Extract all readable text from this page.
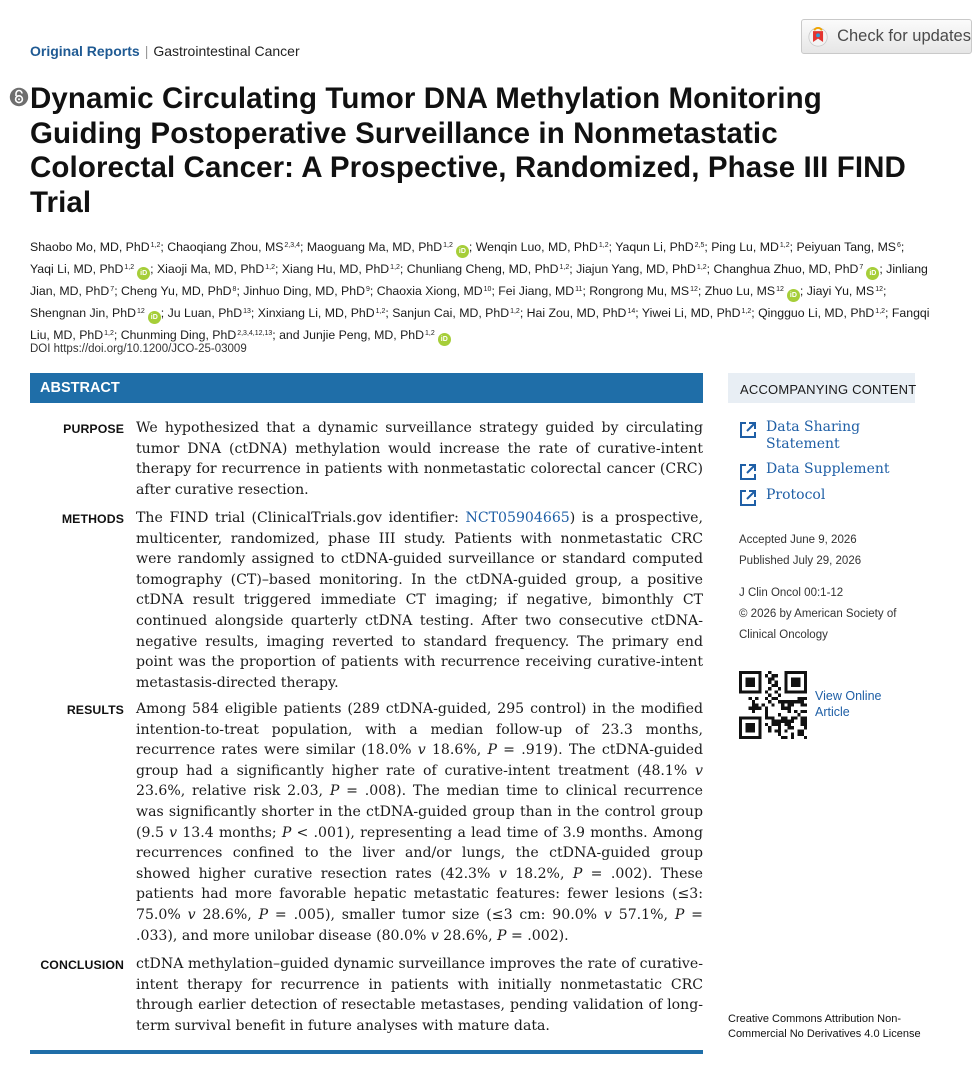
Original Reports | Gastrointestinal Cancer
Check for updates
Dynamic Circulating Tumor DNA Methylation Monitoring Guiding Postoperative Surveillance in Nonmetastatic Colorectal Cancer: A Prospective, Randomized, Phase III FIND Trial
Shaobo Mo, MD, PhD$^{1,2}$; Chaoqiang Zhou, MS$^{2,3,4}$; Maoguang Ma, MD, PhD$^{1,2}$iD ; Wenqin Luo, MD, PhD$^{1,2}$; Yaqun Li, PhD$^{2,5}$; Ping Lu, MD$^{1,2}$; Peiyuan Tang, $MS^6$; Yaqi Li, MD, PhD$^{1,2}$iD ; Xiaoji Ma, MD, PhD$^{1,2}$; Xiang Hu, MD, PhD$^{1,2}$; Chunliang Cheng, MD, PhD$^{1,2}$; Jiajun Yang, MD, PhD$^{1,2}$; Changhua Zhuo, MD, PhD$^7$iD ; Jinliang Jian, MD, PhD$^7$; Cheng Yu, MD, PhD$^8$; Jinhuo Ding, MD, PhD$^9$; Chaoxia Xiong, MD$^{10}$; Fei Jiang, MD$^{11}$; Rongrong Mu, MS$^{12}$; Zhuo Lu, MS$^{12}$iD ; Jiayi Yu, MS$^{12}$; Shengnan Jin, PhD$^{12}$iD ; Ju Luan, PhD$^{13}$; Xinxiang Li, MD, PhD$^{1,2}$; Sanjun Cai, MD, PhD$^{1,2}$; Hai Zou, MD, PhD$^{14}$; Yiwei Li, MD, PhD$^{1,2}$; Qingguo Li, MD, PhD$^{1,2}$; Fangqi Liu, MD, PhD$^{1,2}$; Chunming Ding, PhD$^{2,3,4,12,13}$; and Junjie Peng, MD, PhD$^{1,2}$iD
DOI https://doi.org/10.1200/JCO-25-03009
ABSTRACT
PURPOSE We hypothesized that a dynamic surveillance strategy guided by circulating tumor DNA (ctDNA) methylation would increase the rate of curative-intent therapy for recurrence in patients with nonmetastatic colorectal cancer (CRC) after curative resection.
METHODS The FIND trial (ClinicalTrials.gov identifier: NCT05904665) is a prospective, multicenter, randomized, phase III study. Patients with nonmetastatic CRC were randomly assigned to ctDNA-guided surveillance or standard computed tomography (CT)–based monitoring. In the ctDNA-guided group, a positive ctDNA result triggered immediate CT imaging; if negative, bimonthly CT continued alongside quarterly ctDNA testing. After two consecutive ctDNA-negative results, imaging reverted to standard frequency. The primary end point was the proportion of patients with recurrence receiving curative-intent metastasis-directed therapy.
RESULTS Among 584 eligible patients (289 ctDNA-guided, 295 control) in the modified intention-to-treat population, with a median follow-up of 23.3 months, recurrence rates were similar (18.0% v 18.6%, P = .919). The ctDNA-guided group had a significantly higher rate of curative-intent treatment (48.1% v 23.6%, relative risk 2.03, P = .008). The median time to clinical recurrence was significantly shorter in the ctDNA-guided group than in the control group (9.5 v 13.4 months; P < .001), representing a lead time of 3.9 months. Among recurrences confined to the liver and/or lungs, the ctDNA-guided group showed higher curative resection rates (42.3% v 18.2%, P = .002). These patients had more favorable hepatic metastatic features: fewer lesions (≤3: 75.0% v 28.6%, P = .005), smaller tumor size (≤3 cm: 90.0% v 57.1%, P = .033), and more unilobar disease (80.0% v 28.6%, P = .002).
CONCLUSION ctDNA methylation–guided dynamic surveillance improves the rate of curative-intent therapy for recurrence in patients with initially nonmetastatic CRC through earlier detection of resectable metastases, pending validation of long-term survival benefit in future analyses with mature data.
ACCOMPANYING CONTENT
Data Sharing Statement
Data Supplement
Protocol
Accepted June 9, 2026
Published July 29, 2026
J Clin Oncol 00:1-12
© 2026 by American Society of Clinical Oncology
View Online Article
Creative Commons Attribution Non-Commercial No Derivatives 4.0 License
